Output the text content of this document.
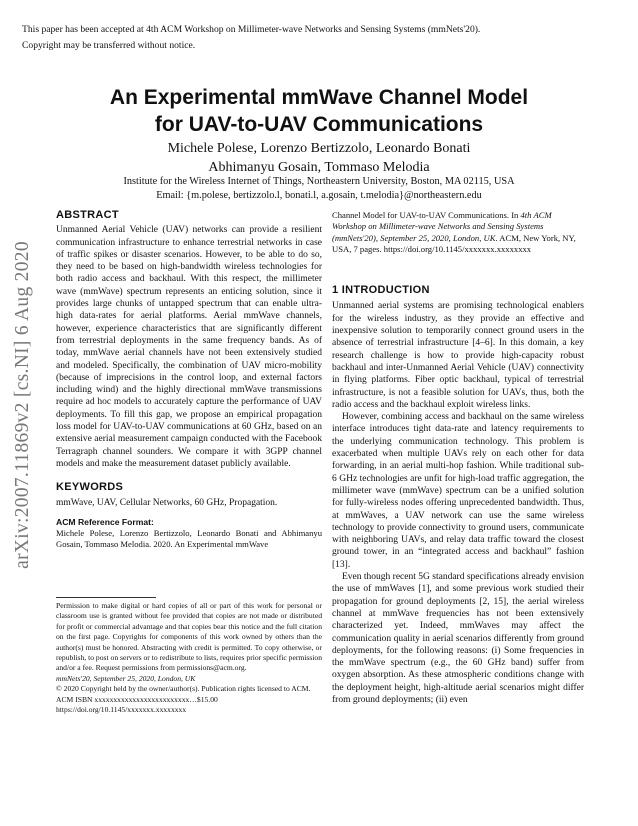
This paper has been accepted at 4th ACM Workshop on Millimeter-wave Networks and Sensing Systems (mmNets'20).
Copyright may be transferred without notice.
An Experimental mmWave Channel Model
for UAV-to-UAV Communications
Michele Polese, Lorenzo Bertizzolo, Leonardo Bonati
Abhimanyu Gosain, Tommaso Melodia
Institute for the Wireless Internet of Things, Northeastern University, Boston, MA 02115, USA
Email: {m.polese, bertizzolo.l, bonati.l, a.gosain, t.melodia}@northeastern.edu
arXiv:2007.11869v2 [cs.NI] 6 Aug 2020
ABSTRACT

Unmanned Aerial Vehicle (UAV) networks can provide a resilient communication infrastructure to enhance terrestrial networks in case of traffic spikes or disaster scenarios. However, to be able to do so, they need to be based on high-bandwidth wireless technologies for both radio access and backhaul. With this respect, the millimeter wave (mmWave) spectrum represents an enticing solution, since it provides large chunks of untapped spectrum that can enable ultra-high data-rates for aerial platforms. Aerial mmWave channels, however, experience characteristics that are significantly different from terrestrial deployments in the same frequency bands. As of today, mmWave aerial channels have not been extensively studied and modeled. Specifically, the combination of UAV micro-mobility (because of imprecisions in the control loop, and external factors including wind) and the highly directional mmWave transmissions require ad hoc models to accurately capture the performance of UAV deployments. To fill this gap, we propose an empirical propagation loss model for UAV-to-UAV communications at 60 GHz, based on an extensive aerial measurement campaign conducted with the Facebook Terragraph channel sounders. We compare it with 3GPP channel models and make the measurement dataset publicly available.

KEYWORDS

mmWave, UAV, Cellular Networks, 60 GHz, Propagation.

ACM Reference Format:

Michele Polese, Lorenzo Bertizzolo, Leonardo Bonati and Abhimanyu Gosain, Tommaso Melodia. 2020. An Experimental mmWave

Permission to make digital or hard copies of all or part of this work for personal or classroom use is granted without fee provided that copies are not made or distributed for profit or commercial advantage and that copies bear this notice and the full citation on the first page. Copyrights for components of this work owned by others than the author(s) must be honored. Abstracting with credit is permitted. To copy otherwise, or republish, to post on servers or to redistribute to lists, requires prior specific permission and/or a fee. Request permissions from permissions@acm.org.

mmNets'20, September 25, 2020, London, UK

© 2020 Copyright held by the owner/author(s). Publication rights licensed to ACM.

ACM ISBN xxxxxxxxxxxxxxxxxxxxxxxxx…$15.00

https://doi.org/10.1145/xxxxxxx.xxxxxxxx

Channel Model for UAV-to-UAV Communications. In 4th ACM Workshop on Millimeter-wave Networks and Sensing Systems (mmNets'20), September 25, 2020, London, UK. ACM, New York, NY, USA, 7 pages. https://doi.org/10.1145/xxxxxxx.xxxxxxxx

1 INTRODUCTION

Unmanned aerial systems are promising technological enablers for the wireless industry, as they provide an effective and inexpensive solution to temporarily connect ground users in the absence of terrestrial infrastructure [4–6]. In this domain, a key research challenge is how to provide high-capacity robust backhaul and inter-Unmanned Aerial Vehicle (UAV) connectivity in flying platforms. Fiber optic backhaul, typical of terrestrial infrastructure, is not a feasible solution for UAVs, thus, both the radio access and the backhaul exploit wireless links.

However, combining access and backhaul on the same wireless interface introduces tight data-rate and latency requirements to the underlying communication technology. This problem is exacerbated when multiple UAVs rely on each other for data forwarding, in an aerial multi-hop fashion. While traditional sub-6 GHz technologies are unfit for high-load traffic aggregation, the millimeter wave (mmWave) spectrum can be a unified solution for fully-wireless nodes offering unprecedented bandwidth. Thus, at mmWaves, a UAV network can use the same wireless technology to provide connectivity to ground users, communicate with neighboring UAVs, and relay data traffic toward the closest ground tower, in an “integrated access and backhaul” fashion [13].

Even though recent 5G standard specifications already envision the use of mmWaves [1], and some previous work studied their propagation for ground deployments [2, 15], the aerial wireless channel at mmWave frequencies has not been extensively characterized yet. Indeed, mmWaves may affect the communication quality in aerial scenarios differently from ground deployments, for the following reasons: (i) Some frequencies in the mmWave spectrum (e.g., the 60 GHz band) suffer from oxygen absorption. As these atmospheric conditions change with the deployment height, high-altitude aerial scenarios might differ from ground deployments; (ii) even
